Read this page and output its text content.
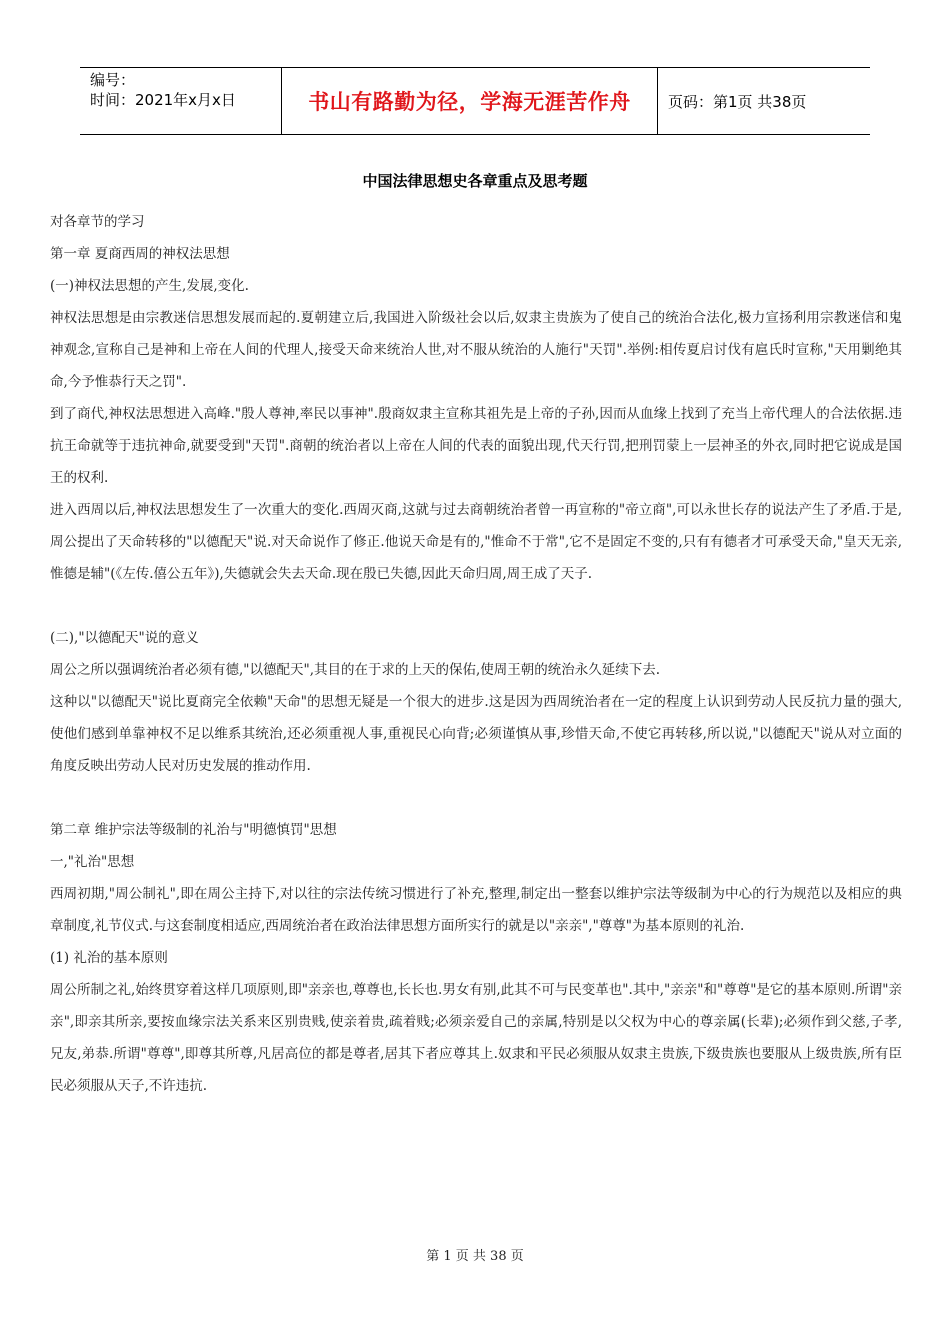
编号：
时间：2021年x月x日	书山有路勤为径，学海无涯苦作舟	页码：第1页 共38页
中国法律思想史各章重点及思考题

对各章节的学习

第一章 夏商西周的神权法思想

(一)神权法思想的产生,发展,变化.

神权法思想是由宗教迷信思想发展而起的.夏朝建立后,我国进入阶级社会以后,奴隶主贵族为了使自己的统治合法化,极力宣扬利用宗教迷信和鬼神观念,宣称自己是神和上帝在人间的代理人,接受天命来统治人世,对不服从统治的人施行"天罚".举例:相传夏启讨伐有扈氏时宣称,"天用剿绝其命,今予惟恭行天之罚".

到了商代,神权法思想进入高峰."殷人尊神,率民以事神".殷商奴隶主宣称其祖先是上帝的子孙,因而从血缘上找到了充当上帝代理人的合法依据.违抗王命就等于违抗神命,就要受到"天罚".商朝的统治者以上帝在人间的代表的面貌出现,代天行罚,把刑罚蒙上一层神圣的外衣,同时把它说成是国王的权利.

进入西周以后,神权法思想发生了一次重大的变化.西周灭商,这就与过去商朝统治者曾一再宣称的"帝立商",可以永世长存的说法产生了矛盾.于是,周公提出了天命转移的"以德配天"说.对天命说作了修正.他说天命是有的,"惟命不于常",它不是固定不变的,只有有德者才可承受天命,"皇天无亲,惟德是辅"(《左传.僖公五年》),失德就会失去天命.现在殷已失德,因此天命归周,周王成了天子.

(二),"以德配天"说的意义

周公之所以强调统治者必须有德,"以德配天",其目的在于求的上天的保佑,使周王朝的统治永久延续下去.

这种以"以德配天"说比夏商完全依赖"天命"的思想无疑是一个很大的进步.这是因为西周统治者在一定的程度上认识到劳动人民反抗力量的强大,使他们感到单靠神权不足以维系其统治,还必须重视人事,重视民心向背;必须谨慎从事,珍惜天命,不使它再转移,所以说,"以德配天"说从对立面的角度反映出劳动人民对历史发展的推动作用.

第二章 维护宗法等级制的礼治与"明德慎罚"思想

一,"礼治"思想

西周初期,"周公制礼",即在周公主持下,对以往的宗法传统习惯进行了补充,整理,制定出一整套以维护宗法等级制为中心的行为规范以及相应的典章制度,礼节仪式.与这套制度相适应,西周统治者在政治法律思想方面所实行的就是以"亲亲","尊尊"为基本原则的礼治.

(1) 礼治的基本原则

周公所制之礼,始终贯穿着这样几项原则,即"亲亲也,尊尊也,长长也.男女有别,此其不可与民变革也".其中,"亲亲"和"尊尊"是它的基本原则.所谓"亲亲",即亲其所亲,要按血缘宗法关系来区别贵贱,使亲着贵,疏着贱;必须亲爱自己的亲属,特别是以父权为中心的尊亲属(长辈);必须作到父慈,子孝,兄友,弟恭.所谓"尊尊",即尊其所尊,凡居高位的都是尊者,居其下者应尊其上.奴隶和平民必须服从奴隶主贵族,下级贵族也要服从上级贵族,所有臣民必须服从天子,不许违抗.

第 1 页 共 38 页
